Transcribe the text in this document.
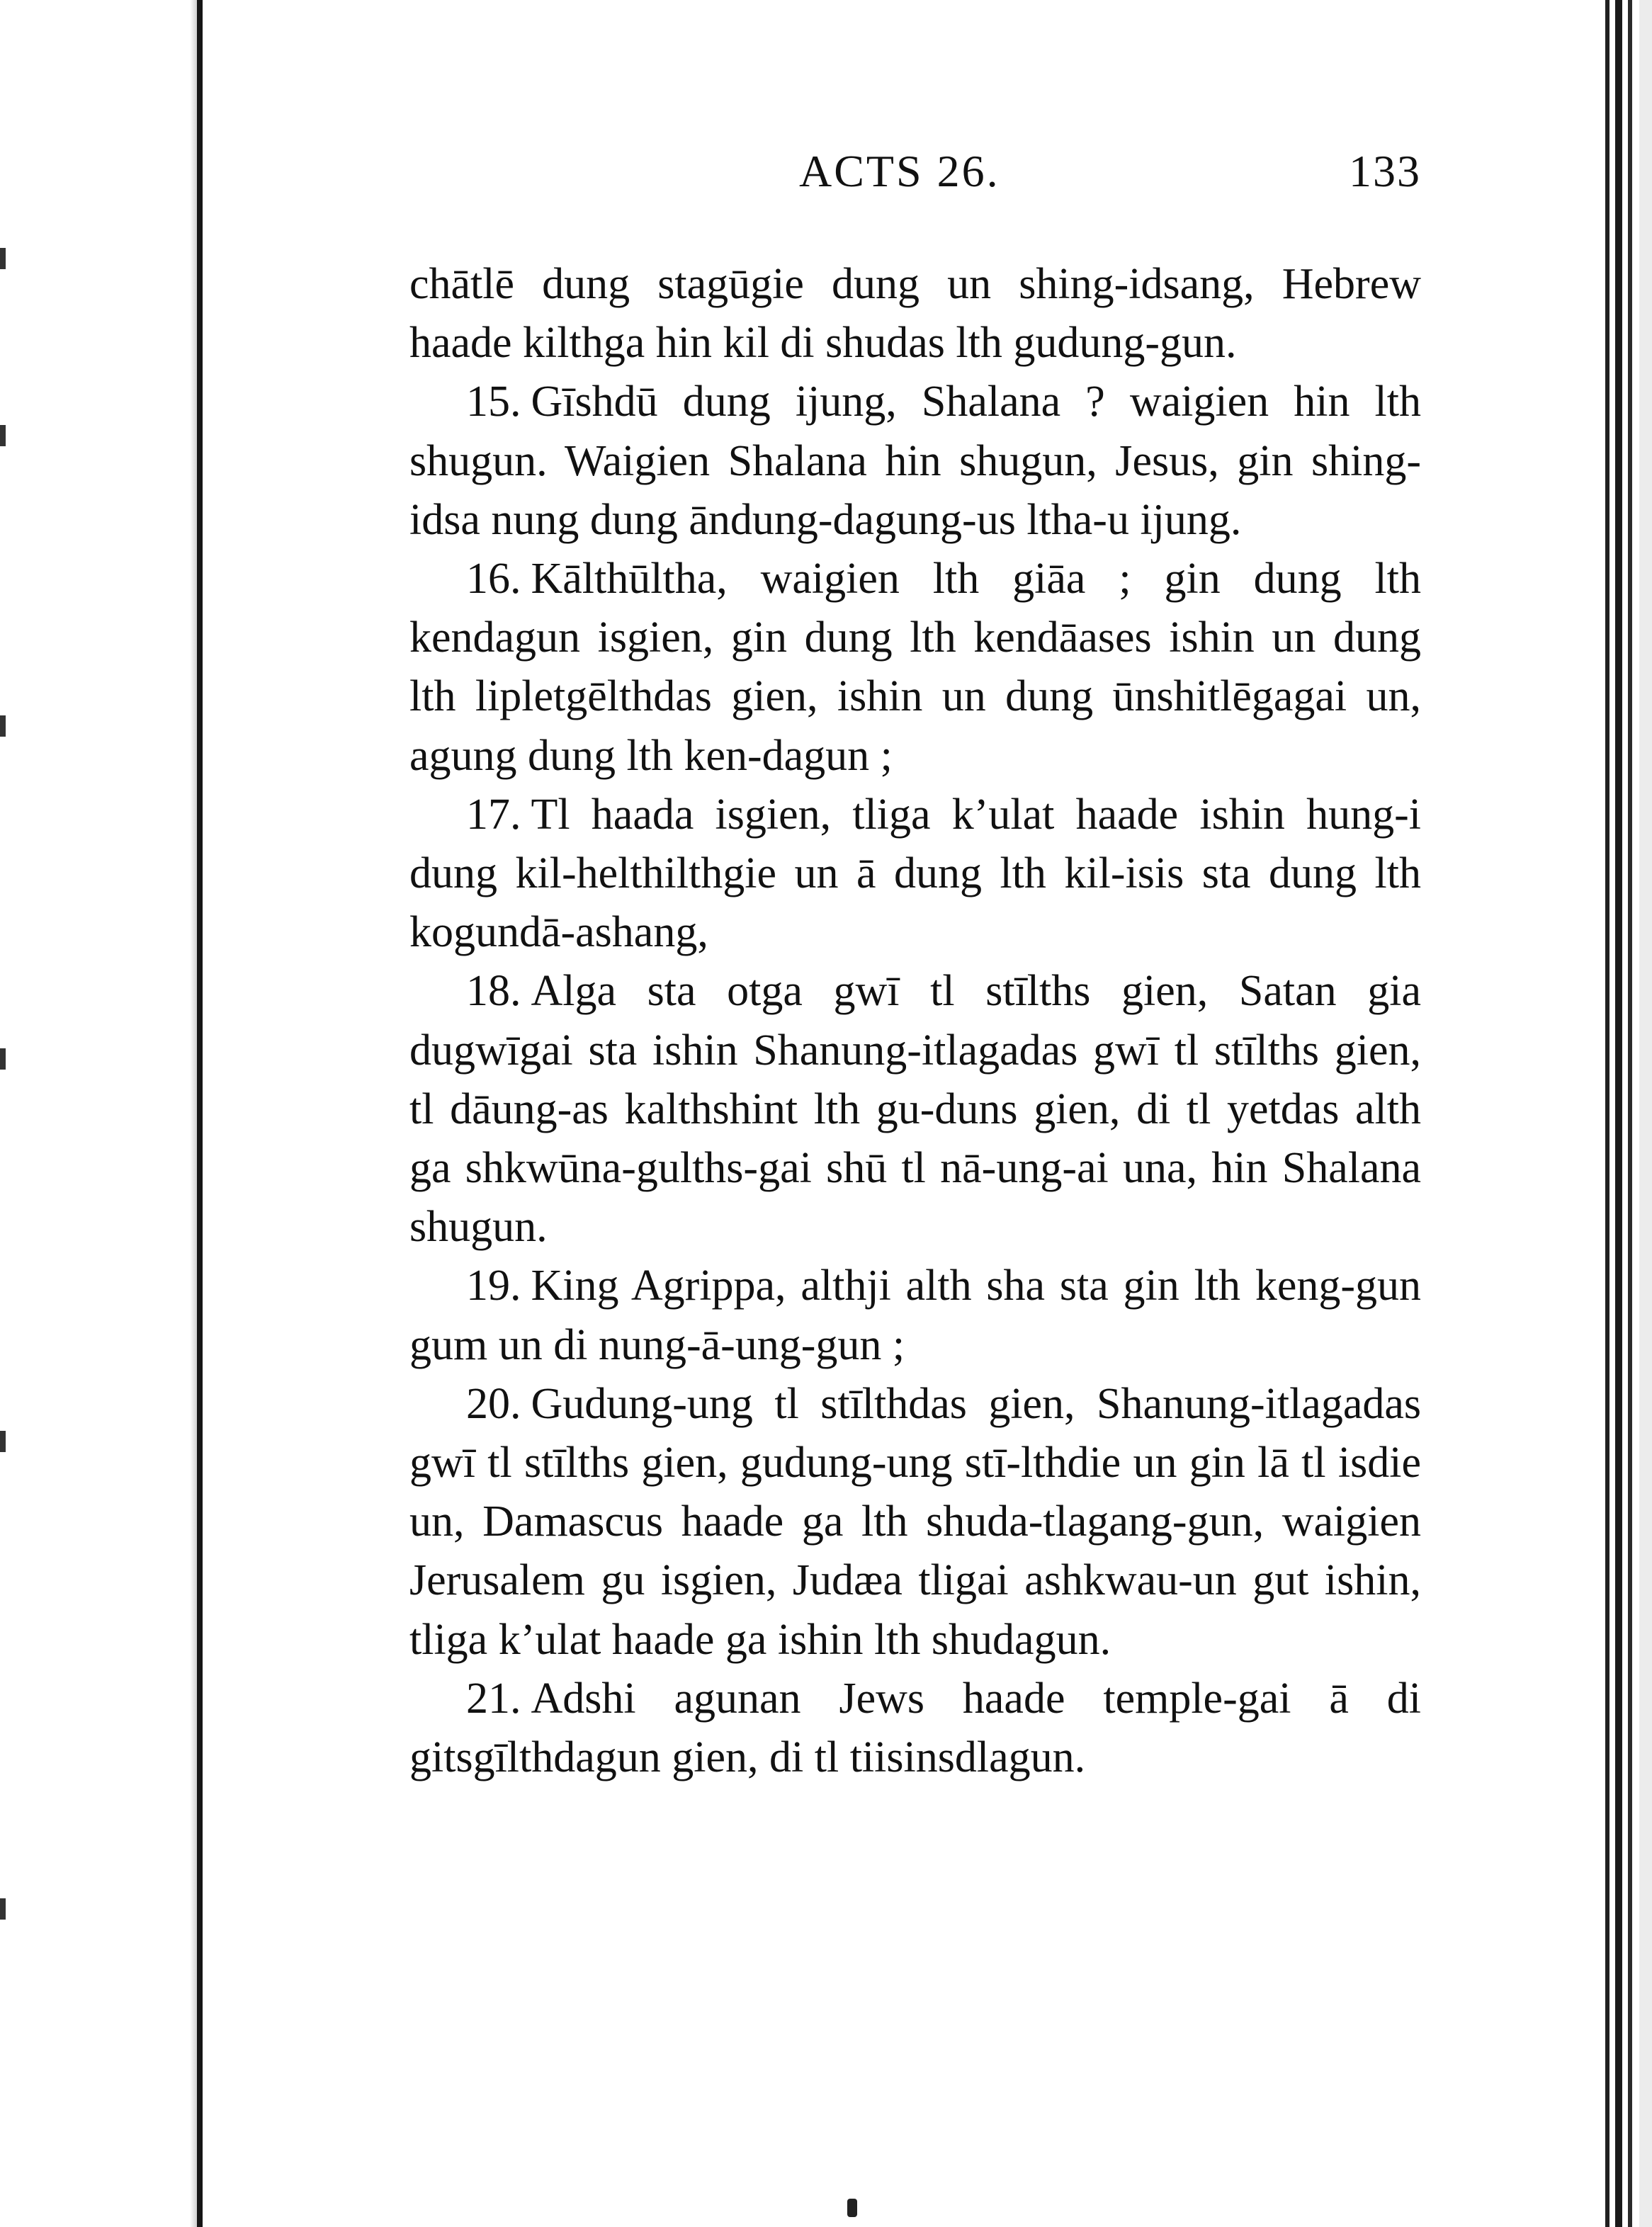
ACTS 26.	133

chātlē dung stagūgie dung un shing-idsang, Hebrew haade kilthga hin kil di shudas lth gudung-gun.

15. Gīshdū dung ijung, Shalana ? waigien hin lth shugun. Waigien Shalana hin shugun, Jesus, gin shing-idsa nung dung āndung-dagung-us ltha-u ijung.

16. Kālthūltha, waigien lth giāa ; gin dung lth kendagun isgien, gin dung lth kendāases ishin un dung lth lipletgēlthdas gien, ishin un dung ūnshitlēgagai un, agung dung lth ken-dagun ;

17. Tl haada isgien, tliga k’ulat haade ishin hung-i dung kil-helthilthgie un ā dung lth kil-isis sta dung lth kogundā-ashang,

18. Alga sta otga gwī tl stīlths gien, Satan gia dugwīgai sta ishin Shanung-itlagadas gwī tl stīlths gien, tl dāung-as kalthshint lth gu-duns gien, di tl yetdas alth ga shkwūna-gulths-gai shū tl nā-ung-ai una, hin Shalana shugun.

19. King Agrippa, althji alth sha sta gin lth keng-gun gum un di nung-ā-ung-gun ;

20. Gudung-ung tl stīlthdas gien, Shanung-itlagadas gwī tl stīlths gien, gudung-ung stī-lthdie un gin lā tl isdie un, Damascus haade ga lth shuda-tlagang-gun, waigien Jerusalem gu isgien, Judæa tligai ashkwau-un gut ishin, tliga k’ulat haade ga ishin lth shudagun.

21. Adshi agunan Jews haade temple-gai ā di gitsgīlthdagun gien, di tl tiisinsdlagun.
